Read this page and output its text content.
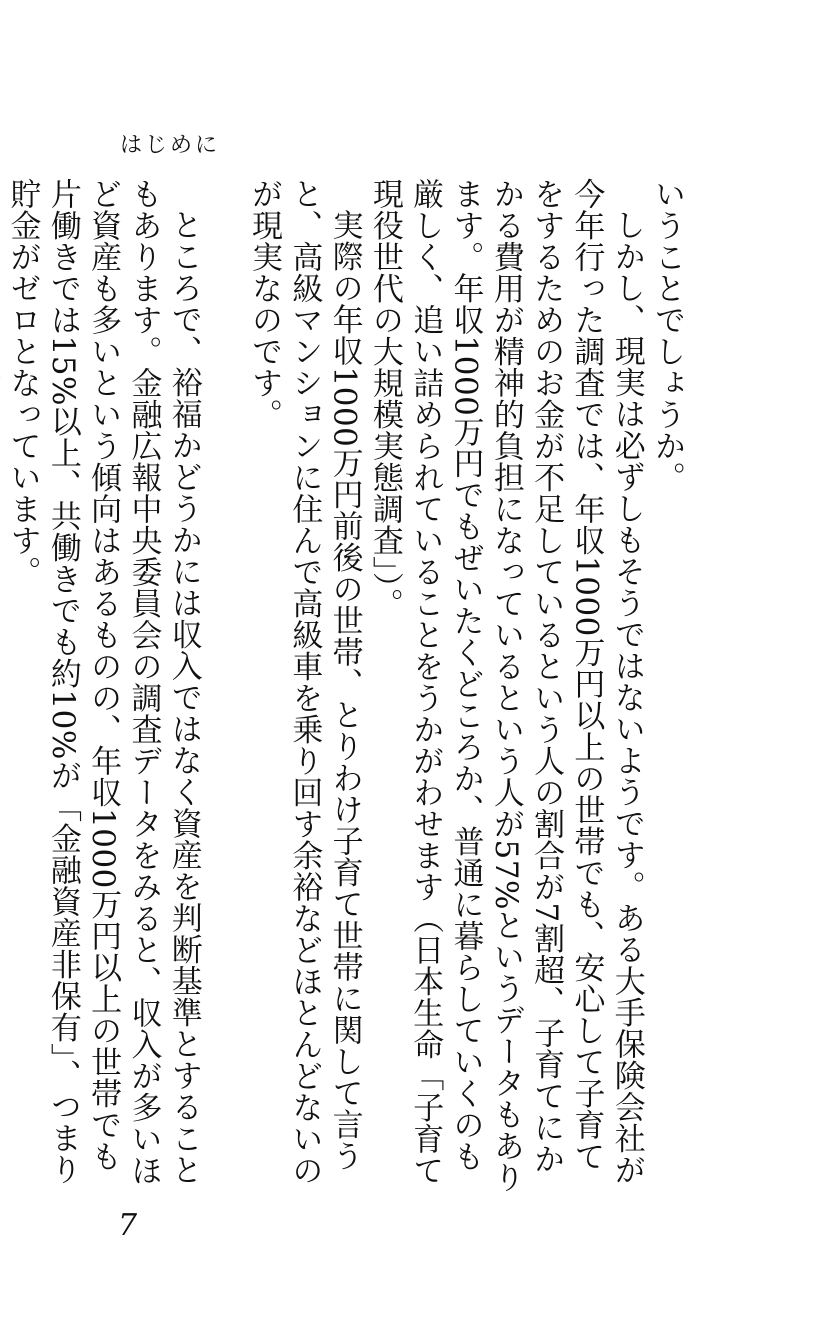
はじめに

いうことでしょうか。

しかし、現実は必ずしもそうではないようです。ある大手保険会社が今年行った調査では、年収1000万円以上の世帯でも、安心して子育てをするためのお金が不足しているという人の割合が7割超、子育てにかかる費用が精神的負担になっているという人が57%というデータもあります。年収1000万円でもぜいたくどころか、普通に暮らしていくのも厳しく、追い詰められていることをうかがわせます（日本生命「子育て現役世代の大規模実態調査」）。

実際の年収1000万円前後の世帯、とりわけ子育て世帯に関して言うと、高級マンションに住んで高級車を乗り回す余裕などほとんどないのが現実なのです。

ところで、裕福かどうかには収入ではなく資産を判断基準とすることもあります。金融広報中央委員会の調査データをみると、収入が多いほど資産も多いという傾向はあるものの、年収1000万円以上の世帯でも片働きでは15%以上、共働きでも約10%が「金融資産非保有」、つまり貯金がゼロとなっています。

7
